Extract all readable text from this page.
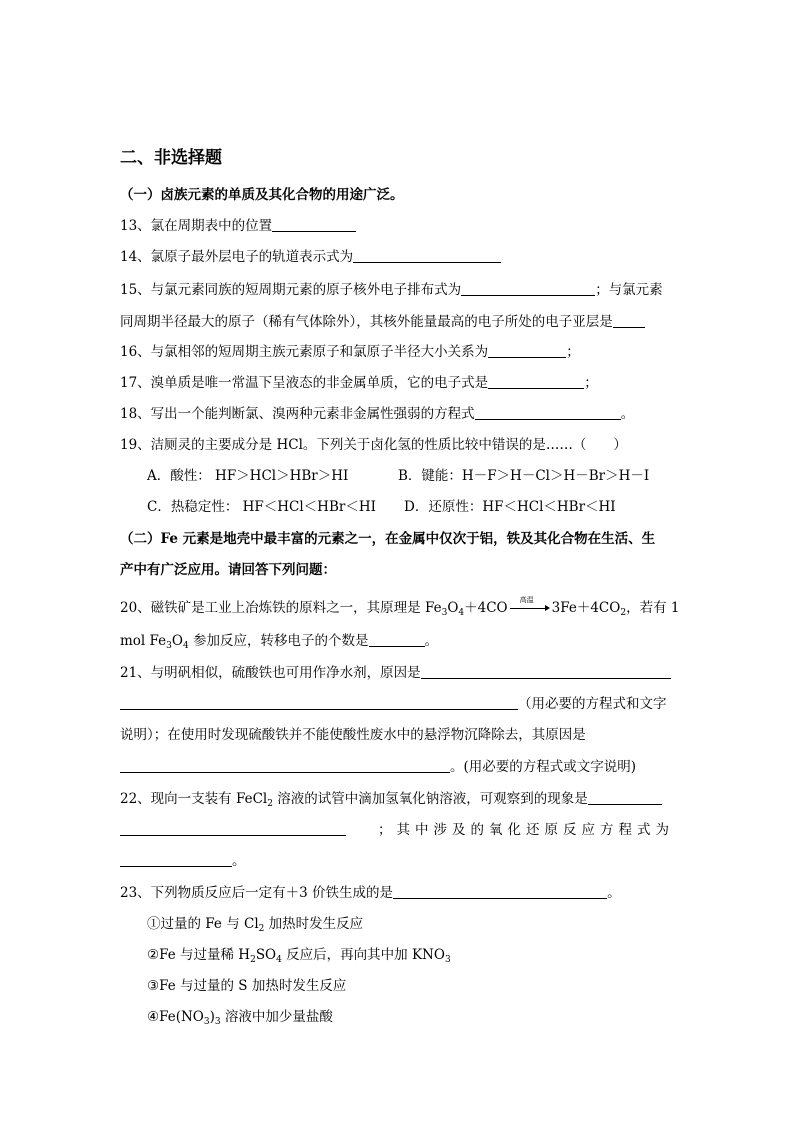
二、非选择题
（一）卤族元素的单质及其化合物的用途广泛。
13、氯在周期表中的位置
14、氯原子最外层电子的轨道表示式为
15、与氯元素同族的短周期元素的原子核外电子排布式为	；与氯元素
同周期半径最大的原子（稀有气体除外），其核外能量最高的电子所处的电子亚层是
16、与氯相邻的短周期主族元素原子和氯原子半径大小关系为	；
17、溴单质是唯一常温下呈液态的非金属单质，它的电子式是	；
18、写出一个能判断氯、溴两种元素非金属性强弱的方程式	。
19、洁厕灵的主要成分是 HCl。下列关于卤化氢的性质比较中错误的是……（　　）
A．酸性： HF＞HCl＞HBr＞HI	B．键能：H－F＞H－Cl＞H－Br＞H－I
C．热稳定性： HF＜HCl＜HBr＜HI D．还原性：HF＜HCl＜HBr＜HI
（二）Fe 元素是地壳中最丰富的元素之一，在金属中仅次于铝，铁及其化合物在生活、生
产中有广泛应用。请回答下列问题：
20、磁铁矿是工业上冶炼铁的原料之一，其原理是 $Fe_3O_4+4CO$ 高温 $3Fe+4CO_2$，若有 1
mol $Fe_3O_4$ 参加反应，转移电子的个数是	。
21、与明矾相似，硫酸铁也可用作净水剂，原因是
（用必要的方程式和文字
说明）；在使用时发现硫酸铁并不能使酸性废水中的悬浮物沉降除去，其原因是
。(用必要的方程式或文字说明)
22、现向一支装有 FeCl$_2$ 溶液的试管中滴加氢氧化钠溶液，可观察到的现象是
；其中涉及的氧化还原反应方程式为
。
23、下列物质反应后一定有＋3 价铁生成的是	。
①过量的 Fe 与 $Cl_2$ 加热时发生反应
②Fe 与过量稀 $H_2SO_4$ 反应后，再向其中加 $KNO_3$
③Fe 与过量的 S 加热时发生反应
$④Fe(NO_3)_3$ 溶液中加少量盐酸
